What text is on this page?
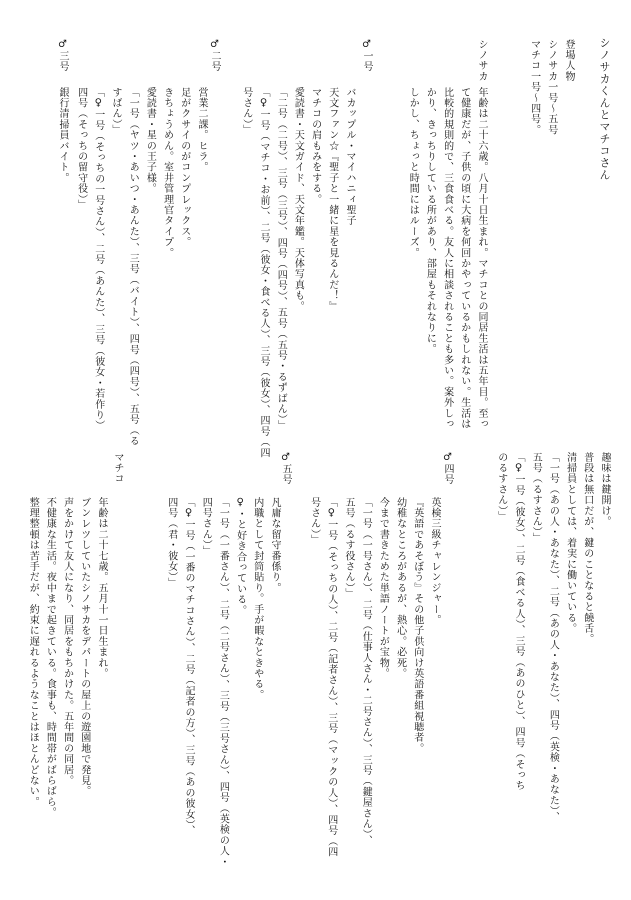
シノサカくんとマチコさん

登場人物

シノサカ一号～五号

マチコ一号～四号。

シノサカ

年齢は二十六歳。八月十日生まれ。マチコとの同居生活は五年目。至っ

て健康だが、子供の頃に大病を何回かやっているかもしれない。生活は

比較的規則的で、三食食べる。友人に相談されることも多い。案外しっ

かり、きっちりしている所があり、部屋もそれなりに。

しかし、ちょっと時間にはルーズ。

♂一号

バカップル・マイハニィ聖子

天文ファン☆『聖子と一緒に星を見るんだ！』

マチコの肩もみをする。

愛読書・天文ガイド、天文年鑑。天体写真も。

「二号（二号）、三号（三号）、四号（四号）、五号（五号・るずばん）」

「♀一号（マチコ・お前）、二号（彼女・食べる人）、三号（彼女）、四号（四

号さん）」

♂二号

営業二課。ヒラ。

足がクサイのがコンプレックス。

きちょうめん。室井管理官タイプ。

愛読書・星の王子様。

「一号（ヤツ・あいつ・あんた）、三号（バイト）、四号（四号）、五号（る

すばん）」

「♀一号（そっちの一号さん）、二号（あんた）、三号（彼女・若作り）

四号（そっちの留守役）」

♂三号

銀行清掃員バイト。

趣味は鍵開け。

普段は無口だが、鍵のことなると饒舌。

清掃員としては、着実に働いている。

「一号（あの人・あなた）、二号（あの人・あなた）、四号（英検・あなた）、

五号（るすさん）」

「♀一号（彼女）、二号（食べる人）、三号（あのひと）、四号（そっち

のるすさん）」

♂四号

英検三級チャレンジャー。

『英語であそぼう』その他子供向け英語番組視聴者。

幼稚なところがあるが、熱心。必死。

今まで書きためた単語ノートが宝物。

「一号（一号さん）、二号（仕事人さん・二号さん）、三号（鍵屋さん）、

五号（るす役さん）」

「♀一号（そっちの人）、二号（記者さん）、三号（マックの人）、四号（四

号さん）」

♂五号

凡庸な留守番係り。

内職として封筒貼り。手が暇なときやる。

♀・と好き合っている。

「一号（一番さん）、二号（二号さん）、三号（三号さん）、四号（英検の人・

四号さん）」

「♀一号（一番のマチコさん）、二号（記者の方）、三号（あの彼女）、

四号（君・彼女）」

マチコ

年齢は二十七歳。五月十一日生まれ。

ブンレツしていたシノサカをデパートの屋上の遊園地で発見。

声をかけて友人になり、同居をもちかけた。五年間の同居。

不健康な生活。夜中まで起きている。食事も、時間帯がばらばら。

整理整頓は苦手だが、約束に遅れるようなことはほとんどない。
